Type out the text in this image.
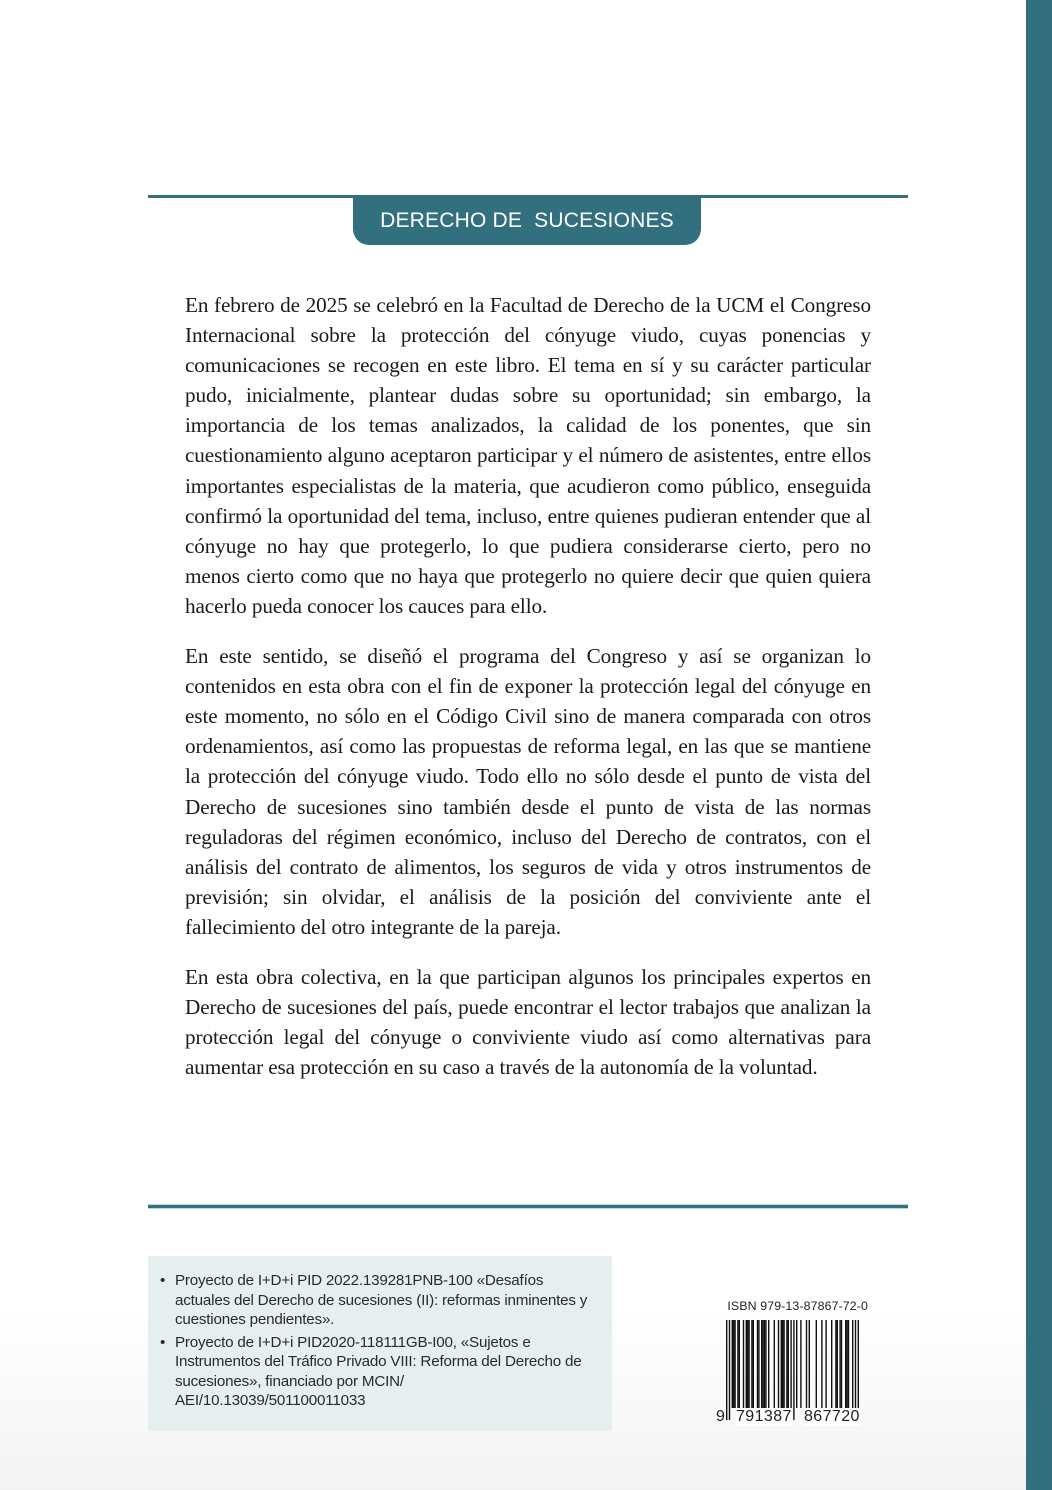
DERECHO DE  SUCESIONES

En febrero de 2025 se celebró en la Facultad de Derecho de la UCM el Congreso Internacional sobre la protección del cónyuge viudo, cuyas ponencias y comunicaciones se recogen en este libro. El tema en sí y su carácter particular pudo, inicialmente, plantear dudas sobre su oportunidad; sin embargo, la importancia de los temas analizados, la calidad de los ponentes, que sin cuestionamiento alguno aceptaron participar y el número de asistentes, entre ellos importantes especialistas de la materia, que acudieron como público, enseguida confirmó la oportunidad del tema, incluso, entre quienes pudieran entender que al cónyuge no hay que protegerlo, lo que pudiera considerarse cierto, pero no menos cierto como que no haya que protegerlo no quiere decir que quien quiera hacerlo pueda conocer los cauces para ello.

En este sentido, se diseñó el programa del Congreso y así se organizan lo contenidos en esta obra con el fin de exponer la protección legal del cónyuge en este momento, no sólo en el Código Civil sino de manera comparada con otros ordenamientos, así como las propuestas de reforma legal, en las que se mantiene la protección del cónyuge viudo. Todo ello no sólo desde el punto de vista del Derecho de sucesiones sino también desde el punto de vista de las normas reguladoras del régimen económico, incluso del Derecho de contratos, con el análisis del contrato de alimentos, los seguros de vida y otros instrumentos de previsión; sin olvidar, el análisis de la posición del conviviente ante el fallecimiento del otro integrante de la pareja.

En esta obra colectiva, en la que participan algunos los principales expertos en Derecho de sucesiones del país, puede encontrar el lector trabajos que analizan la protección legal del cónyuge o conviviente viudo así como alternativas para aumentar esa protección en su caso a través de la autonomía de la voluntad.

• Proyecto de I+D+i PID 2022.139281PNB-100 «Desafíos actuales del Derecho de sucesiones (II): reformas inminentes y cuestiones pendientes».
• Proyecto de I+D+i PID2020-118111GB-I00, «Sujetos e Instrumentos del Tráfico Privado VIII: Reforma del Derecho de sucesiones», financiado por MCIN/ AEI/10.13039/501100011033
ISBN 979-13-87867-72-0
9 791387 867720
